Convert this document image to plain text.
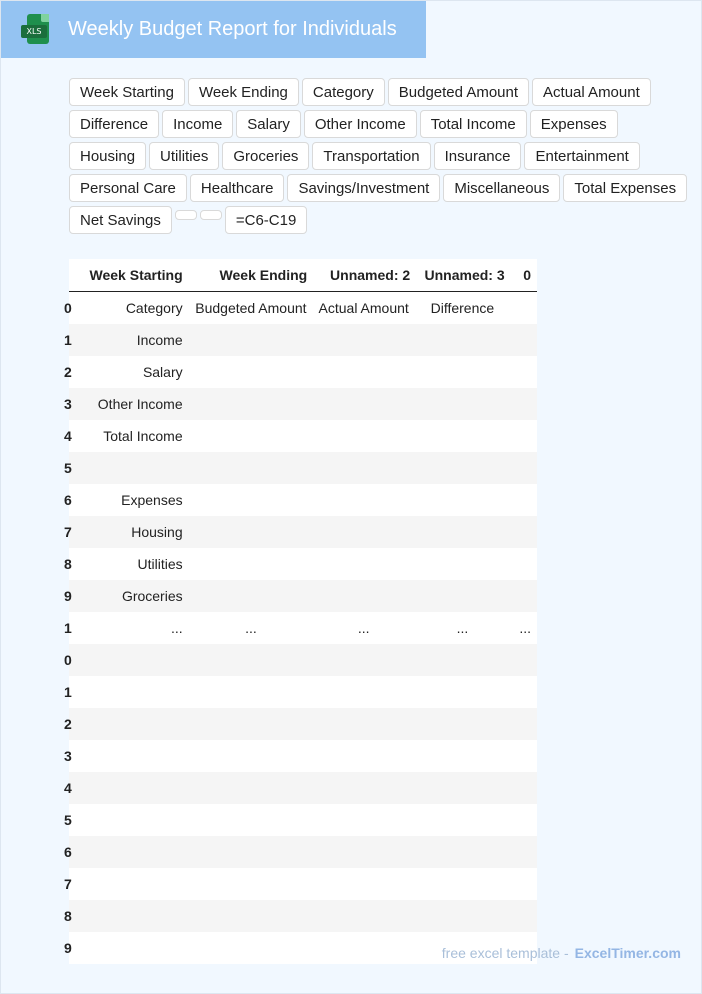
XLS Weekly Budget Report for Individuals
Week Starting	Week Ending	Category	Budgeted Amount	Actual Amount
Difference	Income	Salary	Other Income	Total Income	Expenses
Housing	Utilities	Groceries	Transportation	Insurance	Entertainment
Personal Care	Healthcare	Savings/Investment	Miscellaneous	Total Expenses
Net Savings	=C6-C19
	Week Starting	Week Ending	Unnamed: 2	Unnamed: 3	0
0	Category	Budgeted Amount	Actual Amount	Difference	
1	Income				
2	Salary				
3	Other Income				
4	Total Income				
5					
6	Expenses				
7	Housing				
8	Utilities				
9	Groceries				
1	...	...	...	...	...
0					
1					
2					
3					
4					
5					
6					
7					
8					
9						free excel template - ExcelTimer.com
